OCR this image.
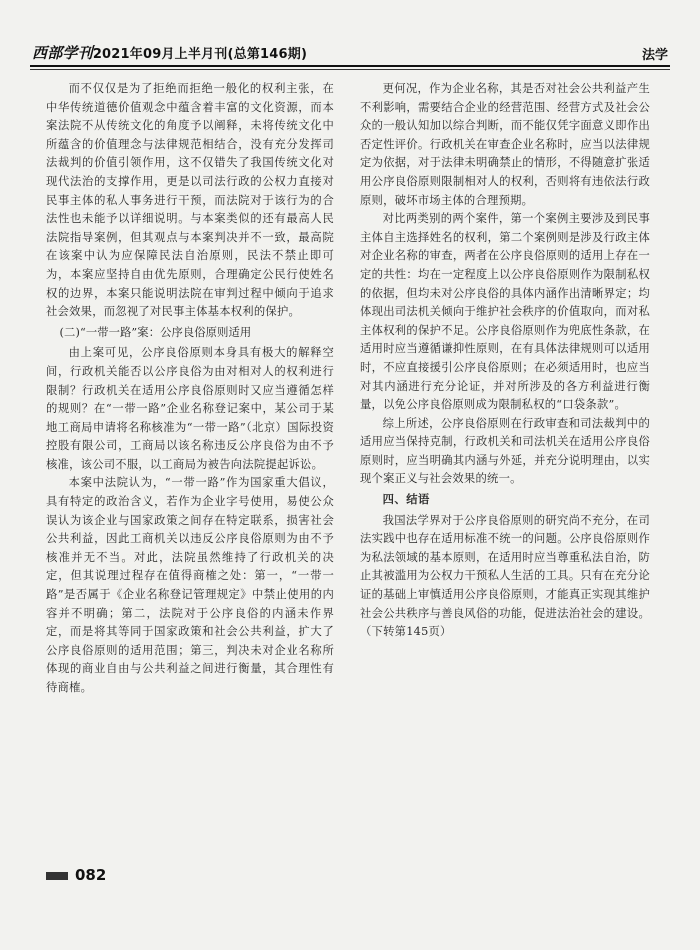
西部学刊2021年09月上半月刊(总第146期)	法学

而不仅仅是为了拒绝而拒绝一般化的权利主张，在中华传统道德价值观念中蕴含着丰富的文化资源，而本案法院不从传统文化的角度予以阐释，未将传统文化中所蕴含的价值理念与法律规范相结合，没有充分发挥司法裁判的价值引领作用，这不仅错失了我国传统文化对现代法治的支撑作用，更是以司法行政的公权力直接对民事主体的私人事务进行干预，而法院对于该行为的合法性也未能予以详细说明。与本案类似的还有最高人民法院指导案例，但其观点与本案判决并不一致，最高院在该案中认为应保障民法自治原则，民法不禁止即可为，本案应坚持自由优先原则，合理确定公民行使姓名权的边界，本案只能说明法院在审判过程中倾向于追求社会效果，而忽视了对民事主体基本权利的保护。

(二)“一带一路”案：公序良俗原则适用

由上案可见，公序良俗原则本身具有极大的解释空间，行政机关能否以公序良俗为由对相对人的权利进行限制？行政机关在适用公序良俗原则时又应当遵循怎样的规则？在“一带一路”企业名称登记案中，某公司于某地工商局申请将名称核准为“一带一路”（北京）国际投资控股有限公司，工商局以该名称违反公序良俗为由不予核准，该公司不服，以工商局为被告向法院提起诉讼。

本案中法院认为，“一带一路”作为国家重大倡议，具有特定的政治含义，若作为企业字号使用，易使公众误认为该企业与国家政策之间存在特定联系，损害社会公共利益，因此工商机关以违反公序良俗原则为由不予核准并无不当。对此，法院虽然维持了行政机关的决定，但其说理过程存在值得商榷之处：第一，“一带一路”是否属于《企业名称登记管理规定》中禁止使用的内容并不明确；第二，法院对于公序良俗的内涵未作界定，而是将其等同于国家政策和社会公共利益，扩大了公序良俗原则的适用范围；第三，判决未对企业名称所体现的商业自由与公共利益之间进行衡量，其合理性有待商榷。

更何况，作为企业名称，其是否对社会公共利益产生不利影响，需要结合企业的经营范围、经营方式及社会公众的一般认知加以综合判断，而不能仅凭字面意义即作出否定性评价。行政机关在审查企业名称时，应当以法律规定为依据，对于法律未明确禁止的情形，不得随意扩张适用公序良俗原则限制相对人的权利，否则将有违依法行政原则，破坏市场主体的合理预期。

对比两类别的两个案件，第一个案例主要涉及到民事主体自主选择姓名的权利，第二个案例则是涉及行政主体对企业名称的审查，两者在公序良俗原则的适用上存在一定的共性：均在一定程度上以公序良俗原则作为限制私权的依据，但均未对公序良俗的具体内涵作出清晰界定；均体现出司法机关倾向于维护社会秩序的价值取向，而对私主体权利的保护不足。公序良俗原则作为兜底性条款，在适用时应当遵循谦抑性原则，在有具体法律规则可以适用时，不应直接援引公序良俗原则；在必须适用时，也应当对其内涵进行充分论证，并对所涉及的各方利益进行衡量，以免公序良俗原则成为限制私权的“口袋条款”。

综上所述，公序良俗原则在行政审查和司法裁判中的适用应当保持克制，行政机关和司法机关在适用公序良俗原则时，应当明确其内涵与外延，并充分说明理由，以实现个案正义与社会效果的统一。

四、结语

我国法学界对于公序良俗原则的研究尚不充分，在司法实践中也存在适用标准不统一的问题。公序良俗原则作为私法领域的基本原则，在适用时应当尊重私法自治，防止其被滥用为公权力干预私人生活的工具。只有在充分论证的基础上审慎适用公序良俗原则，才能真正实现其维护社会公共秩序与善良风俗的功能，促进法治社会的建设。（下转第145页）

082
